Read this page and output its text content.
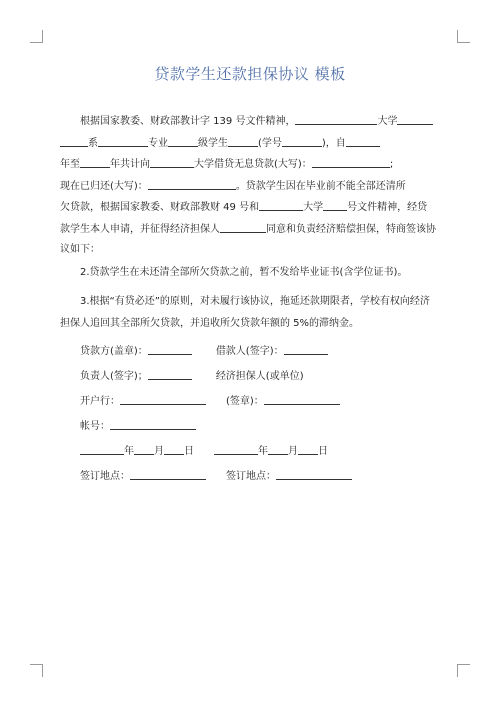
贷款学生还款担保协议 模板
根据国家教委、财政部教计字 139 号文件精神，	大学
系	专业	级学生	(学号	)，自
年至	年共计向	大学借贷无息贷款(大写)：	;
现在已归还(大写)：	。贷款学生因在毕业前不能全部还清所
欠贷款，根据国家教委、财政部教财 49 号和	大学 号文件精神，经贷
款学生本人申请，并征得经济担保人	同意和负责经济赔偿担保，特商签该协
议如下：
2.贷款学生在未还清全部所欠贷款之前，暂不发给毕业证书(含学位证书)。
3.根据“有贷必还”的原则，对未履行该协议，拖延还款期限者，学校有权向经济
担保人追回其全部所欠贷款，并追收所欠贷款年额的 5%的滞纳金。
贷款方(盖章)：	借款人(签字)：
负责人(签字)；	经济担保人(或单位)
开户行：	(签章)：
帐号：
年 月 日	年 月 日
签订地点：	签订地点：
